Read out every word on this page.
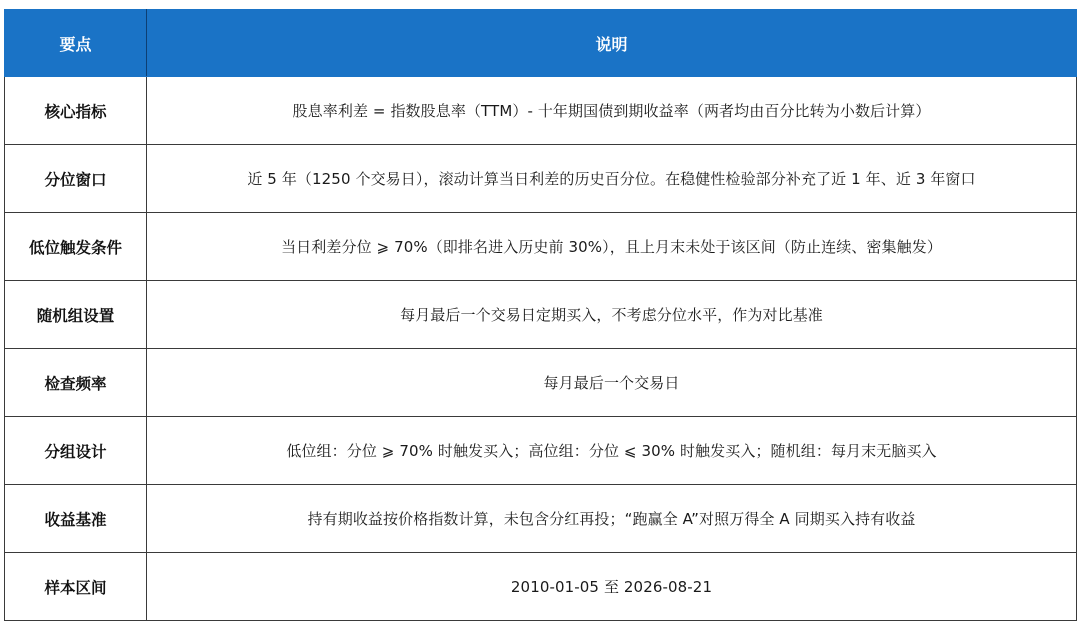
要点	说明
核心指标	股息率利差 = 指数股息率（TTM）- 十年期国债到期收益率（两者均由百分比转为小数后计算）
分位窗口	近 5 年（1250 个交易日），滚动计算当日利差的历史百分位。在稳健性检验部分补充了近 1 年、近 3 年窗口
低位触发条件	当日利差分位 ⩾ 70%（即排名进入历史前 30%），且上月末未处于该区间（防止连续、密集触发）
随机组设置	每月最后一个交易日定期买入，不考虑分位水平，作为对比基准
检查频率	每月最后一个交易日
分组设计	低位组：分位 ⩾ 70% 时触发买入；高位组：分位 ⩽ 30% 时触发买入；随机组：每月末无脑买入
收益基准	持有期收益按价格指数计算，未包含分红再投；“跑赢全 A”对照万得全 A 同期买入持有收益
样本区间	2010-01-05 至 2026-08-21
